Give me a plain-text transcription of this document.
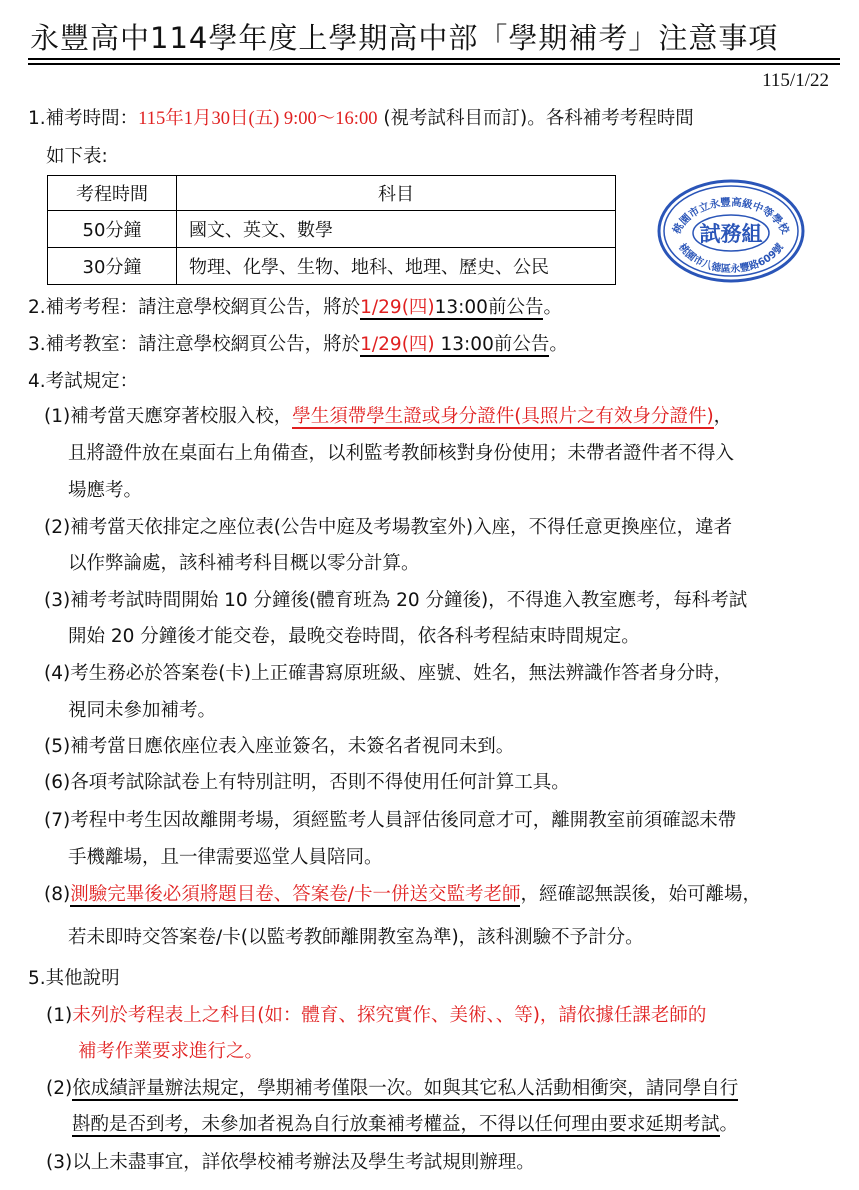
永豐高中114學年度上學期高中部「學期補考」注意事項
115/1/22
1.補考時間：115年1月30日(五) 9:00～16:00 (視考試科目而訂)。各科補考考程時間
如下表:
考程時間	科目
50分鐘	國文、英文、數學
30分鐘	物理、化學、生物、地科、地理、歷史、公民
桃園市立永豐高級中等學校
桃園市八德區永豐路609號
試務組
2.補考考程：請注意學校網頁公告，將於1/29(四)13:00前公告。
3.補考教室：請注意學校網頁公告，將於1/29(四) 13:00前公告。
4.考試規定：
(1)補考當天應穿著校服入校，學生須帶學生證或身分證件(具照片之有效身分證件)，
且將證件放在桌面右上角備查，以利監考教師核對身份使用；未帶者證件者不得入
場應考。
(2)補考當天依排定之座位表(公告中庭及考場教室外)入座，不得任意更換座位，違者
以作弊論處，該科補考科目概以零分計算。
(3)補考考試時間開始 10 分鐘後(體育班為 20 分鐘後)，不得進入教室應考，每科考試
開始 20 分鐘後才能交卷，最晚交卷時間，依各科考程結束時間規定。
(4)考生務必於答案卷(卡)上正確書寫原班級、座號、姓名，無法辨識作答者身分時，
視同未參加補考。
(5)補考當日應依座位表入座並簽名，未簽名者視同未到。
(6)各項考試除試卷上有特別註明，否則不得使用任何計算工具。
(7)考程中考生因故離開考場，須經監考人員評估後同意才可，離開教室前須確認未帶
手機離場，且一律需要巡堂人員陪同。
(8)測驗完畢後必須將題目卷、答案卷/卡一併送交監考老師，經確認無誤後，始可離場，
若未即時交答案卷/卡(以監考教師離開教室為準)，該科測驗不予計分。
5.其他說明
(1)未列於考程表上之科目(如：體育、探究實作、美術、、等)，請依據任課老師的
補考作業要求進行之。
(2)依成績評量辦法規定，學期補考僅限一次。如與其它私人活動相衝突，請同學自行
斟酌是否到考，未參加者視為自行放棄補考權益，不得以任何理由要求延期考試。
(3)以上未盡事宜，詳依學校補考辦法及學生考試規則辦理。
